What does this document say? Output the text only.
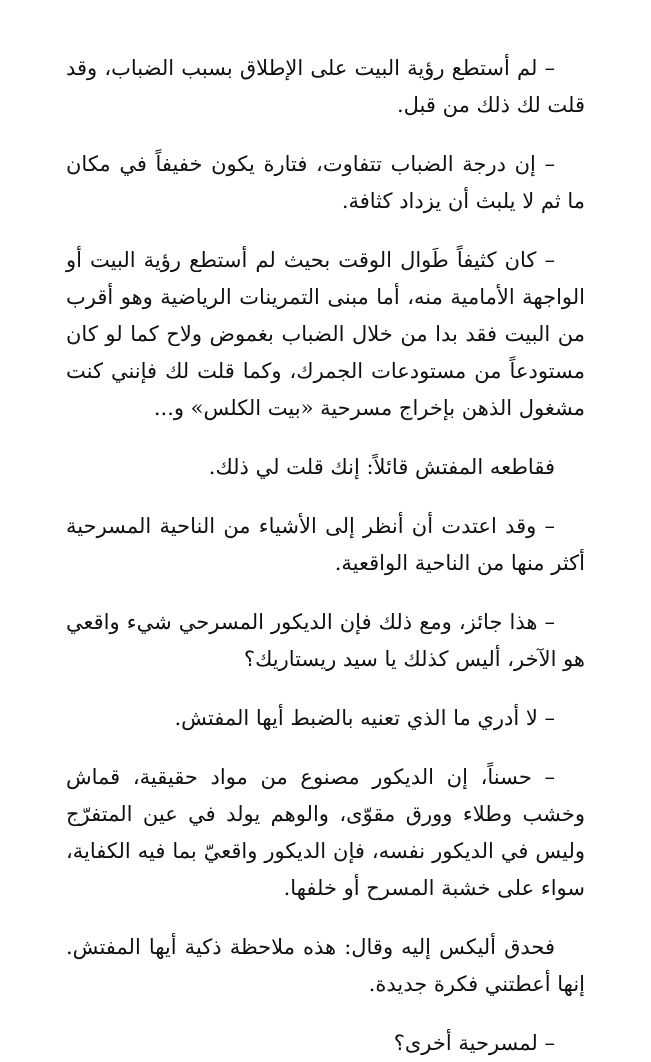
– لم أستطع رؤية البيت على الإطلاق بسبب الضباب، وقد قلت لك ذلك من قبل.

– إن درجة الضباب تتفاوت، فتارة يكون خفيفاً في مكان ما ثم لا يلبث أن يزداد كثافة.

– كان كثيفاً طَوال الوقت بحيث لم أستطع رؤية البيت أو الواجهة الأمامية منه، أما مبنى التمرينات الرياضية وهو أقرب من البيت فقد بدا من خلال الضباب بغموض ولاح كما لو كان مستودعاً من مستودعات الجمرك، وكما قلت لك فإنني كنت مشغول الذهن بإخراج مسرحية «بيت الكلس» و...

فقاطعه المفتش قائلاً: إنك قلت لي ذلك.

– وقد اعتدت أن أنظر إلى الأشياء من الناحية المسرحية أكثر منها من الناحية الواقعية.

– هذا جائز، ومع ذلك فإن الديكور المسرحي شيء واقعي هو الآخر، أليس كذلك يا سيد ريستاريك؟

– لا أدري ما الذي تعنيه بالضبط أيها المفتش.

– حسناً، إن الديكور مصنوع من مواد حقيقية، قماش وخشب وطلاء وورق مقوّى، والوهم يولد في عين المتفرّج وليس في الديكور نفسه، فإن الديكور واقعيّ بما فيه الكفاية، سواء على خشبة المسرح أو خلفها.

فحدق أليكس إليه وقال: هذه ملاحظة ذكية أيها المفتش. إنها أعطتني فكرة جديدة.

– لمسرحية أخرى؟
